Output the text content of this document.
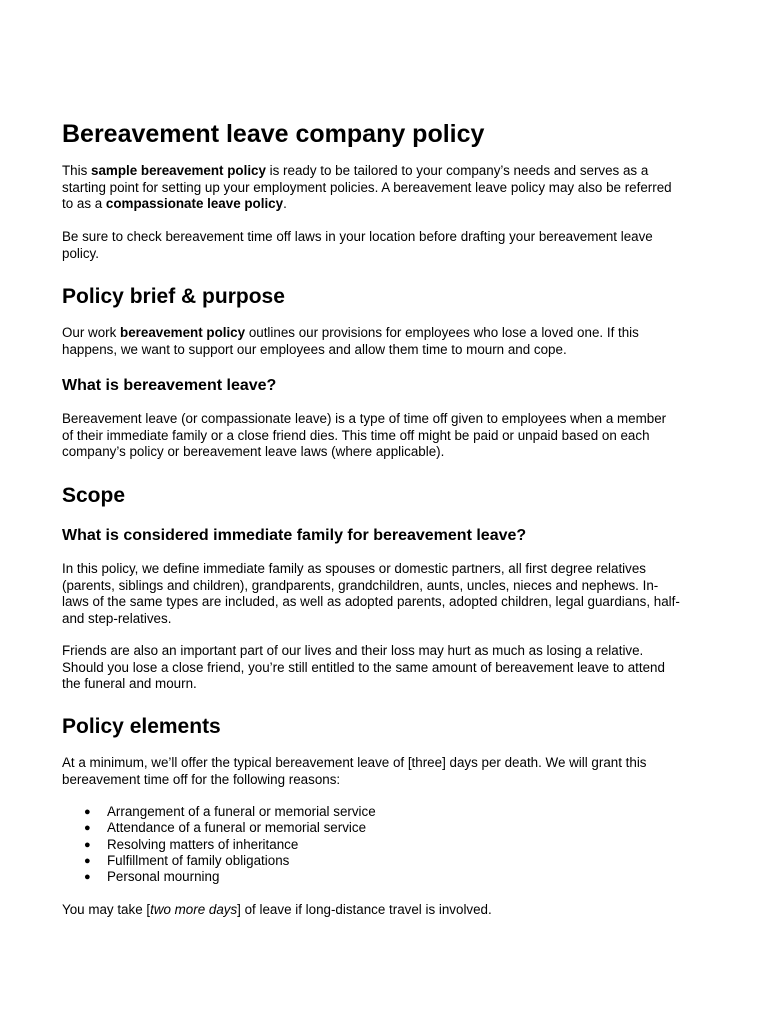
Bereavement leave company policy
This sample bereavement policy is ready to be tailored to your company’s needs and serves as a
starting point for setting up your employment policies. A bereavement leave policy may also be referred
to as a compassionate leave policy.
Be sure to check bereavement time off laws in your location before drafting your bereavement leave
policy.
Policy brief & purpose
Our work bereavement policy outlines our provisions for employees who lose a loved one. If this
happens, we want to support our employees and allow them time to mourn and cope.
What is bereavement leave?
Bereavement leave (or compassionate leave) is a type of time off given to employees when a member
of their immediate family or a close friend dies. This time off might be paid or unpaid based on each
company’s policy or bereavement leave laws (where applicable).
Scope
What is considered immediate family for bereavement leave?
In this policy, we define immediate family as spouses or domestic partners, all first degree relatives
(parents, siblings and children), grandparents, grandchildren, aunts, uncles, nieces and nephews. In-
laws of the same types are included, as well as adopted parents, adopted children, legal guardians, half-
and step-relatives.
Friends are also an important part of our lives and their loss may hurt as much as losing a relative.
Should you lose a close friend, you’re still entitled to the same amount of bereavement leave to attend
the funeral and mourn.
Policy elements
At a minimum, we’ll offer the typical bereavement leave of [three] days per death. We will grant this
bereavement time off for the following reasons:
● Arrangement of a funeral or memorial service
● Attendance of a funeral or memorial service
● Resolving matters of inheritance
● Fulfillment of family obligations
● Personal mourning
You may take [two more days] of leave if long-distance travel is involved.
